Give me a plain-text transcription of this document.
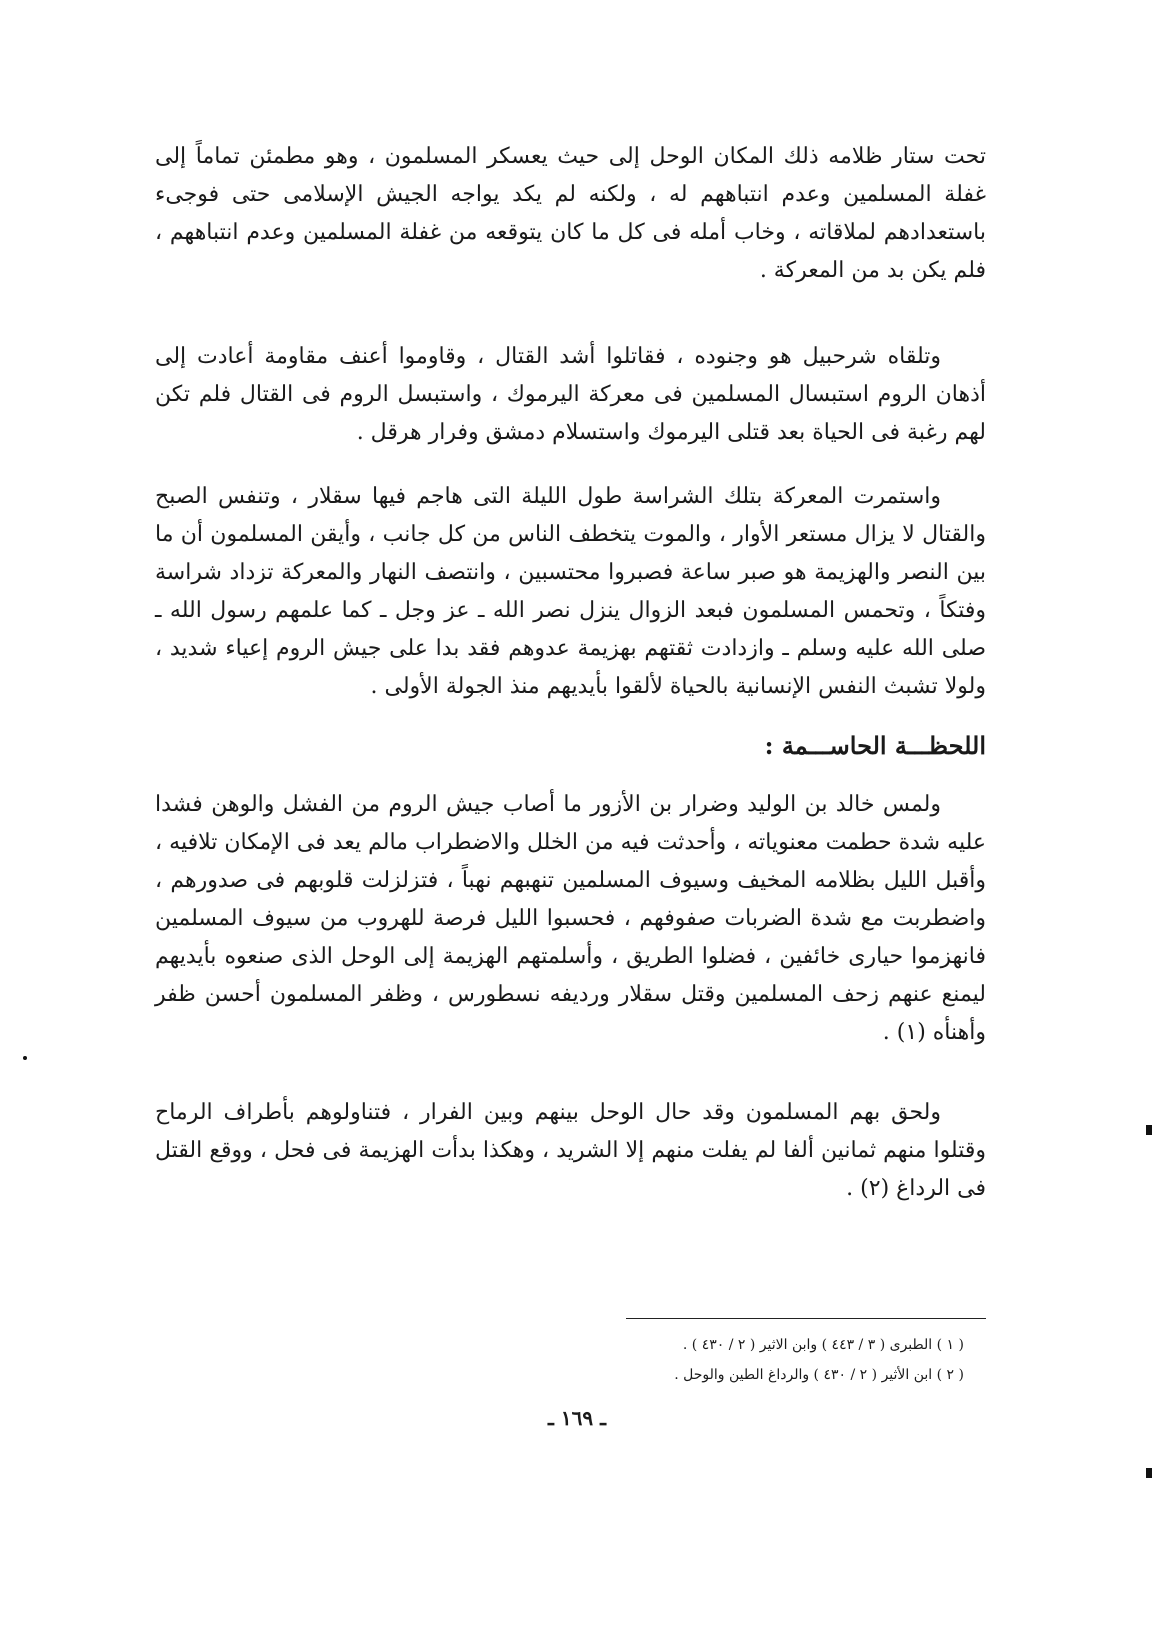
تحت ستار ظلامه ذلك المكان الوحل إلى حيث يعسكر المسلمون ، وهو مطمئن تماماً إلى غفلة المسلمين وعدم انتباههم له ، ولكنه لم يكد يواجه الجيش الإسلامى حتى فوجىء باستعدادهم لملاقاته ، وخاب أمله فى كل ما كان يتوقعه من غفلة المسلمين وعدم انتباههم ، فلم يكن بد من المعركة .

وتلقاه شرحبيل هو وجنوده ، فقاتلوا أشد القتال ، وقاوموا أعنف مقاومة أعادت إلى أذهان الروم استبسال المسلمين فى معركة اليرموك ، واستبسل الروم فى القتال فلم تكن لهم رغبة فى الحياة بعد قتلى اليرموك واستسلام دمشق وفرار هرقل .

واستمرت المعركة بتلك الشراسة طول الليلة التى هاجم فيها سقلار ، وتنفس الصبح والقتال لا يزال مستعر الأوار ، والموت يتخطف الناس من كل جانب ، وأيقن المسلمون أن ما بين النصر والهزيمة هو صبر ساعة فصبروا محتسبين ، وانتصف النهار والمعركة تزداد شراسة وفتكاً ، وتحمس المسلمون فبعد الزوال ينزل نصر الله ـ عز وجل ـ كما علمهم رسول الله ـ صلى الله عليه وسلم ـ وازدادت ثقتهم بهزيمة عدوهم فقد بدا على جيش الروم إعياء شديد ، ولولا تشبث النفس الإنسانية بالحياة لألقوا بأيديهم منذ الجولة الأولى .

اللحظـــة الحاســـمة :

ولمس خالد بن الوليد وضرار بن الأزور ما أصاب جيش الروم من الفشل والوهن فشدا عليه شدة حطمت معنوياته ، وأحدثت فيه من الخلل والاضطراب مالم يعد فى الإمكان تلافيه ، وأقبل الليل بظلامه المخيف وسيوف المسلمين تنهبهم نهباً ، فتزلزلت قلوبهم فى صدورهم ، واضطربت مع شدة الضربات صفوفهم ، فحسبوا الليل فرصة للهروب من سيوف المسلمين فانهزموا حيارى خائفين ، فضلوا الطريق ، وأسلمتهم الهزيمة إلى الوحل الذى صنعوه بأيديهم ليمنع عنهم زحف المسلمين وقتل سقلار ورديفه نسطورس ، وظفر المسلمون أحسن ظفر وأهنأه (١) .

ولحق بهم المسلمون وقد حال الوحل بينهم وبين الفرار ، فتناولوهم بأطراف الرماح وقتلوا منهم ثمانين ألفا لم يفلت منهم إلا الشريد ، وهكذا بدأت الهزيمة فى فحل ، ووقع القتل فى الرداغ (٢) .

( ١ ) الطبرى ( ٣ / ٤٤٣ ) وابن الاثير ( ٢ / ٤٣٠ ) .
( ٢ ) ابن الأثير ( ٢ / ٤٣٠ ) والرداغ الطين والوحل .
ـ ١٦٩ ـ
